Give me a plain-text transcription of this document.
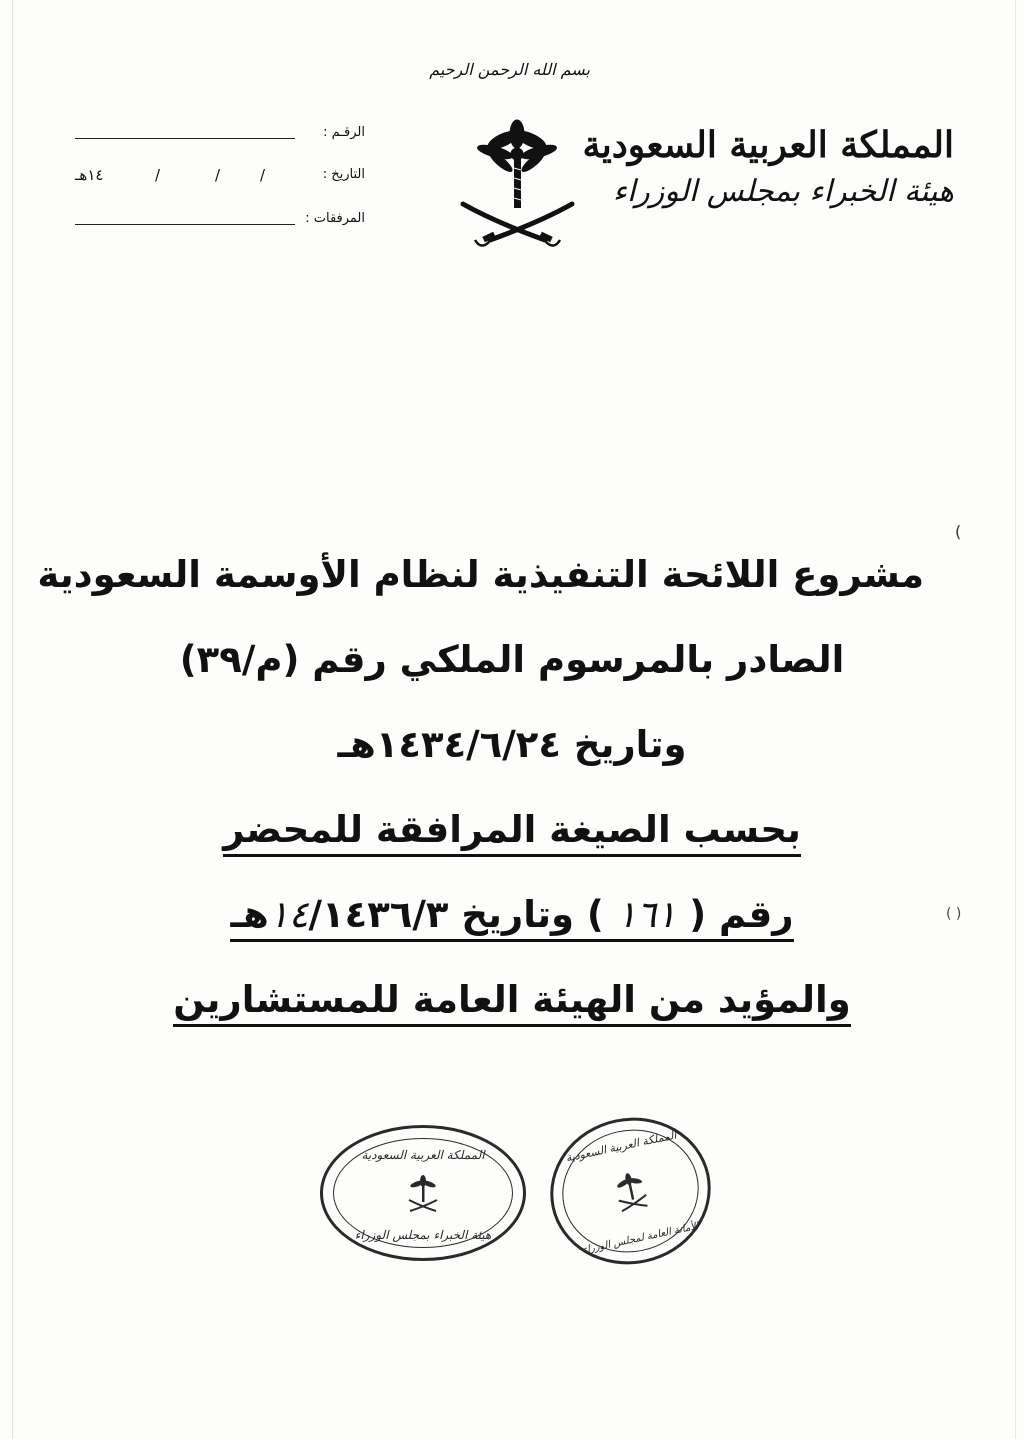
بسم الله الرحمن الرحيم
المملكة العربية السعودية
هيئة الخبراء بمجلس الوزراء
الرقـم :
التاريخ :
١٤هـ	/	/	/
المرفقات :
(
( )
مشروع اللائحة التنفيذية لنظام الأوسمة السعودية
الصادر بالمرسوم الملكي رقم (م/٣٩)
وتاريخ ١٤٣٤/٦/٢٤هـ
بحسب الصيغة المرافقة للمحضر
رقم ( ١٦١ ) وتاريخ ١٤/١٤٣٦/٣هـ
والمؤيد من الهيئة العامة للمستشارين
المملكة العربية السعودية
هيئة الخبراء بمجلس الوزراء
المملكة العربية السعودية
الأمانة العامة لمجلس الوزراء
